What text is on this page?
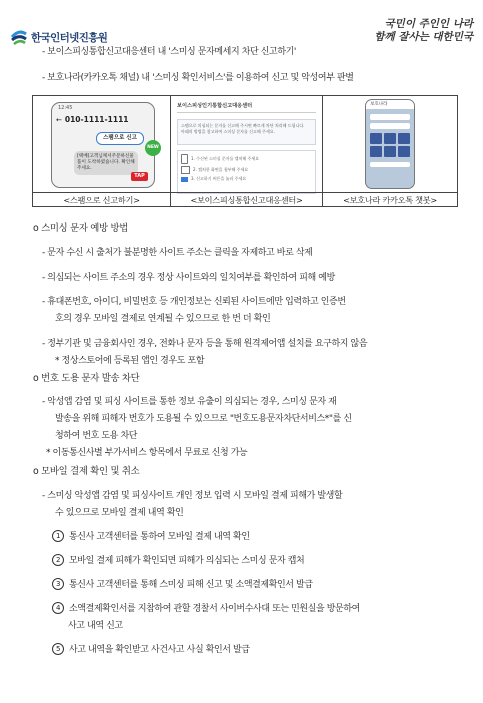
한국인터넷진흥원
국민이 주인인 나라
함께 잘사는 대한민국
- 보이스피싱통합신고대응센터 내 '스미싱 문자메세지 차단 신고하기'
- 보호나라(카카오톡 채널) 내 '스미싱 확인서비스'를 이용하여 신고 및 악성여부 판별
12:45
← 010-1111-1111
스팸으로 신고
[택배]고객님께서주문하신물품이 도착하였습니다. 확인해주세요.
NEW
TAP
보이스피싱인기통합신고대응센터
스팸으로 의심되는 문자를 신고해 주시면 빠르게 차단 처리해 드립니다.
아래의 방법을 참고하여 스미싱 문자를 신고해 주세요.
1. 수신된 스미싱 문자를 캡처해 주세요
2. 캡처한 화면을 첨부해 주세요
3. 신고하기 버튼을 눌러 주세요
보호나라
<스팸으로 신고하기>	<보이스피싱통합신고대응센터>	<보호나라 카카오톡 챗봇>
o 스미싱 문자 예방 방법
- 문자 수신 시 출처가 불분명한 사이트 주소는 클릭을 자제하고 바로 삭제
- 의심되는 사이트 주소의 경우 정상 사이트와의 일치여부를 확인하여 피해 예방
- 휴대폰번호, 아이디, 비밀번호 등 개인정보는 신뢰된 사이트에만 입력하고 인증번
호의 경우 모바일 결제로 연계될 수 있으므로 한 번 더 확인
- 정부기관 및 금융회사인 경우, 전화나 문자 등을 통해 원격제어앱 설치를 요구하지 않음
* 정상스토어에 등록된 앱인 경우도 포함
o 번호 도용 문자 발송 차단
- 악성앱 감염 및 피싱 사이트를 통한 정보 유출이 의심되는 경우, 스미싱 문자 재
발송을 위해 피해자 번호가 도용될 수 있으므로 "번호도용문자차단서비스*"를 신
청하여 번호 도용 차단
* 이동통신사별 부가서비스 항목에서 무료로 신청 가능
o 모바일 결제 확인 및 취소
- 스미싱 악성앱 감염 및 피싱사이트 개인 정보 입력 시 모바일 결제 피해가 발생할
수 있으므로 모바일 결제 내역 확인
1 통신사 고객센터를 통하여 모바일 결제 내역 확인
2 모바일 결제 피해가 확인되면 피해가 의심되는 스미싱 문자 캡처
3 통신사 고객센터를 통해 스미싱 피해 신고 및 소액결제확인서 발급
4 소액결제확인서를 지참하여 관할 경찰서 사이버수사대 또는 민원실을 방문하여
사고 내역 신고
5 사고 내역을 확인받고 사건사고 사실 확인서 발급
